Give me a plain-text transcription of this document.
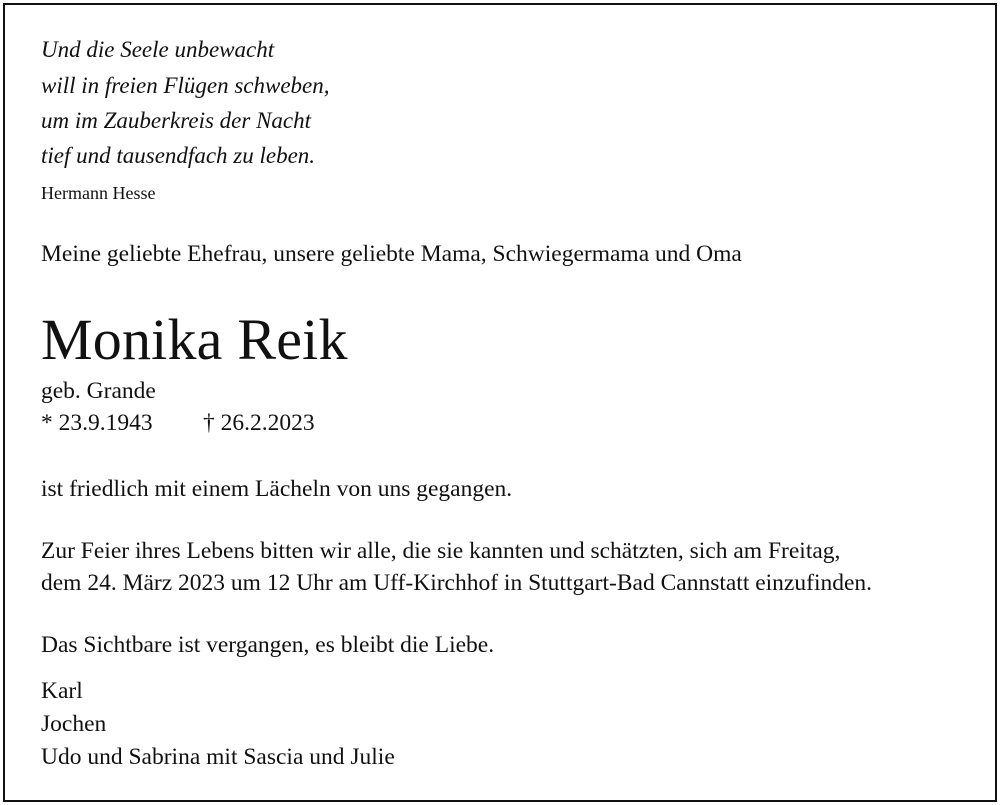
Und die Seele unbewacht
will in freien Flügen schweben,
um im Zauberkreis der Nacht
tief und tausendfach zu leben.
Hermann Hesse
Meine geliebte Ehefrau, unsere geliebte Mama, Schwiegermama und Oma
Monika Reik
geb. Grande
* 23.9.1943 † 26.2.2023
ist friedlich mit einem Lächeln von uns gegangen.
Zur Feier ihres Lebens bitten wir alle, die sie kannten und schätzten, sich am Freitag,
dem 24. März 2023 um 12 Uhr am Uff-Kirchhof in Stuttgart-Bad Cannstatt einzufinden.
Das Sichtbare ist vergangen, es bleibt die Liebe.
Karl
Jochen
Udo und Sabrina mit Sascia und Julie
